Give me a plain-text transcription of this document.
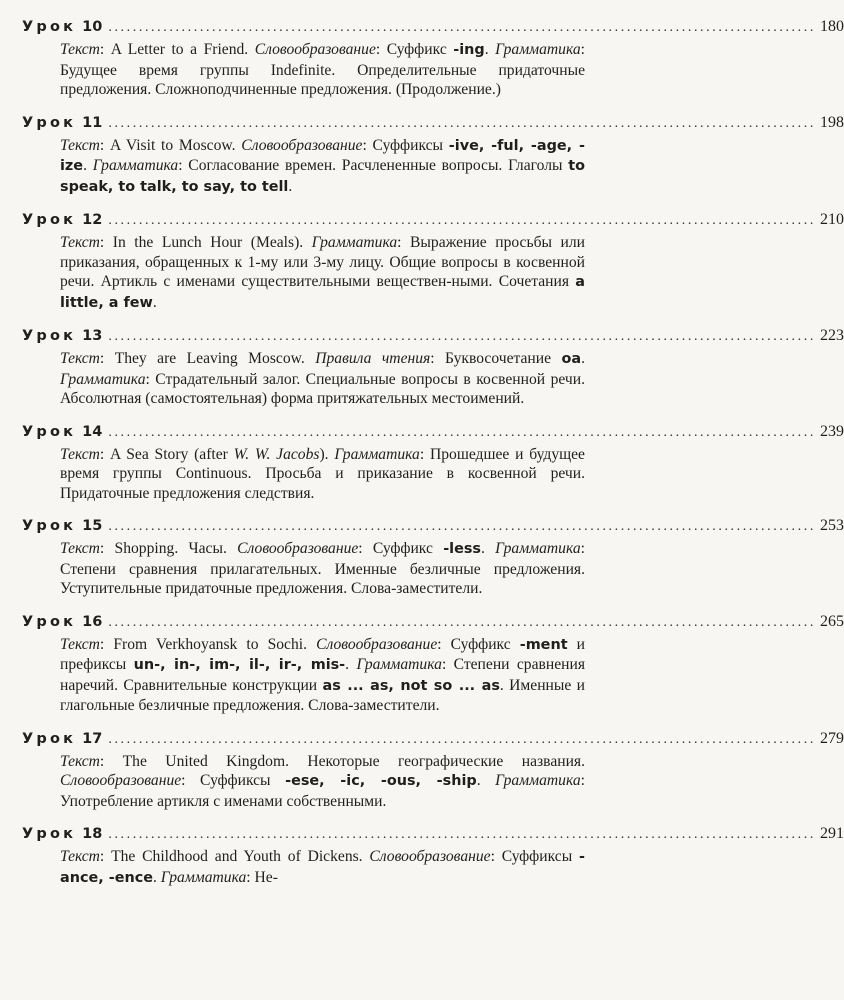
Урок 10 .................................................................................................................... 180
Текст: A Letter to a Friend. Словообразование: Суффикс -ing. Грамматика: Будущее время группы Indefinite. Определительные придаточные предложения. Сложноподчиненные предложения. (Продолжение.)
Урок 11 .................................................................................................................... 198
Текст: A Visit to Moscow. Словообразование: Суффиксы -ive, -ful, -age, -ize. Грамматика: Согласование времен. Расчлененные вопросы. Глаголы to speak, to talk, to say, to tell.
Урок 12 .................................................................................................................... 210
Текст: In the Lunch Hour (Meals). Грамматика: Выражение просьбы или приказания, обращенных к 1-му или 3-му лицу. Общие вопросы в косвенной речи. Артикль с именами существительными веществен-ными. Сочетания a little, a few.
Урок 13 .................................................................................................................... 223
Текст: They are Leaving Moscow. Правила чтения: Буквосочетание oa. Грамматика: Страдательный залог. Специальные вопросы в косвенной речи. Абсолютная (самостоятельная) форма притяжательных местоимений.
Урок 14 .................................................................................................................... 239
Текст: A Sea Story (after W. W. Jacobs). Грамматика: Прошедшее и будущее время группы Continuous. Просьба и приказание в косвенной речи. Придаточные предложения следствия.
Урок 15 .................................................................................................................... 253
Текст: Shopping. Часы. Словообразование: Суффикс -less. Грамматика: Степени сравнения прилагательных. Именные безличные предложения. Уступительные придаточные предложения. Слова-заместители.
Урок 16 .................................................................................................................... 265
Текст: From Verkhoyansk to Sochi. Словообразование: Суффикс -ment и префиксы un-, in-, im-, il-, ir-, mis-. Грамматика: Степени сравнения наречий. Сравнительные конструкции as ... as, not so ... as. Именные и глагольные безличные предложения. Слова-заместители.
Урок 17 .................................................................................................................... 279
Текст: The United Kingdom. Некоторые географические названия. Словообразование: Суффиксы -ese, -ic, -ous, -ship. Грамматика: Употребление артикля с именами собственными.
Урок 18 .................................................................................................................... 291
Текст: The Childhood and Youth of Dickens. Словообразование: Суффиксы -ance, -ence. Грамматика: Не-
